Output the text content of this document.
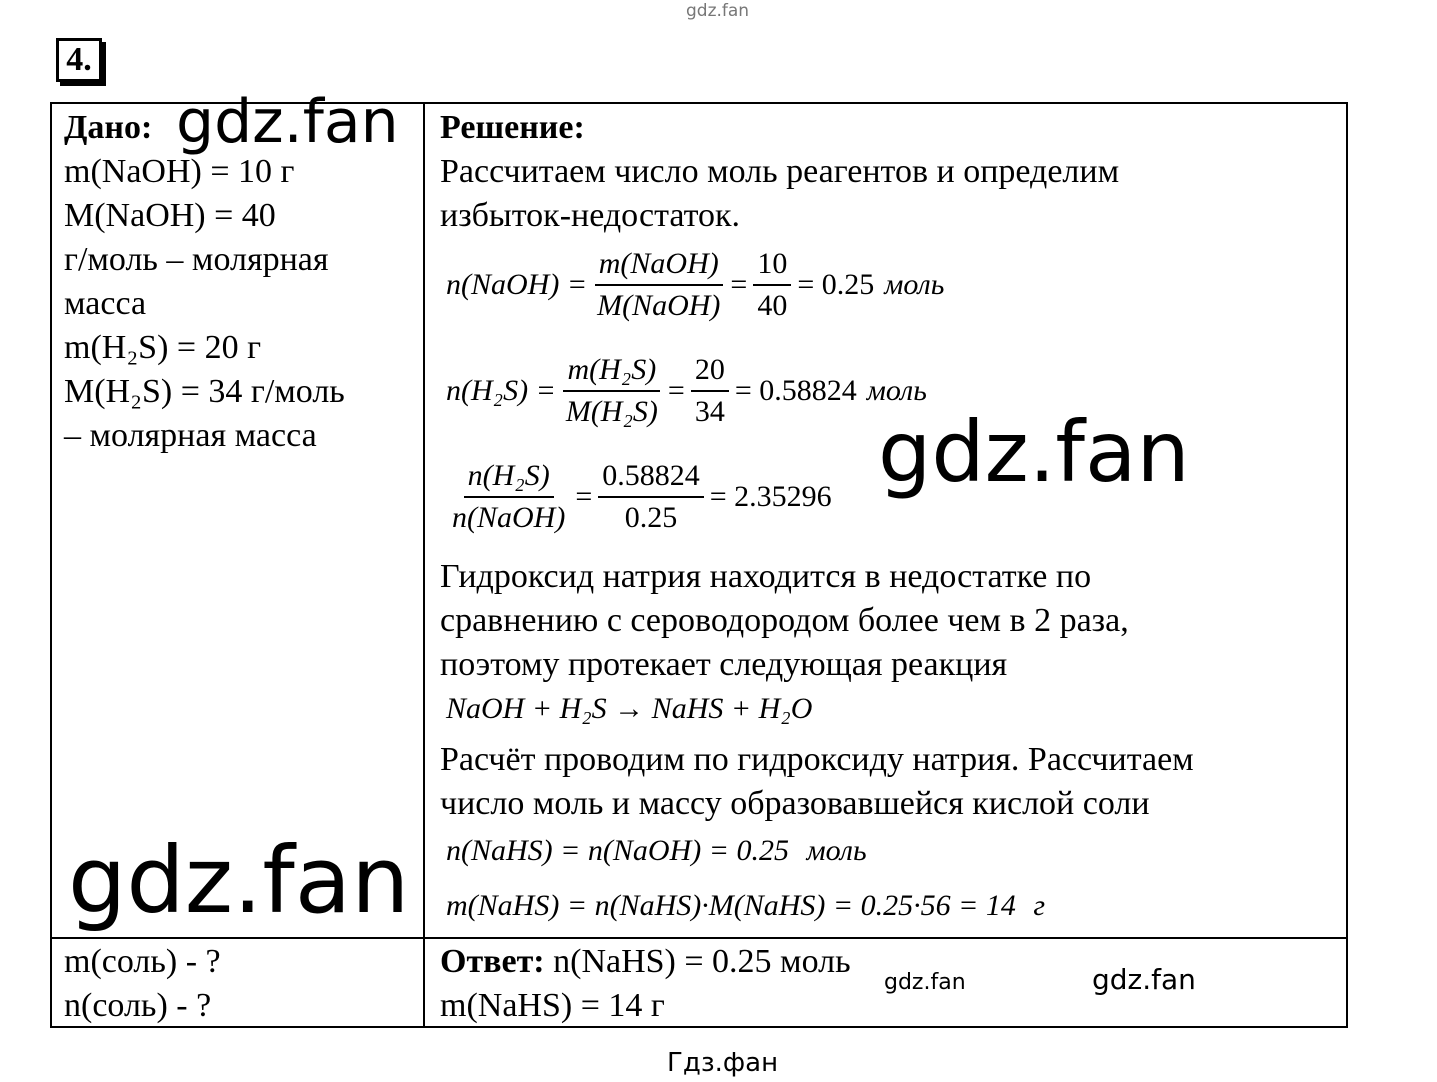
gdz.fan
4.
Дано:
m(NaOH) = 10 г
M(NaOH) = 40
г/моль – молярная
масса
m(H₂S) = 20 г
M(H₂S) = 34 г/моль
– молярная масса
gdz.fan
gdz.fan
m(соль) - ?
n(соль) - ?
Решение:
Рассчитаем число моль реагентов и определим
избыток-недостаток.
n(NaOH) = $\frac{\text{m(NaOH)}}{\text{M(NaOH)}} = \frac{10}{40} = 0.25$ моль
$n(H_2S) = \frac{\text{m(H₂S)}}{\text{M(H₂S)}} = \frac{20}{34} = 0.58824$ моль
$\frac{\text{n(H₂S)}}{\text{n(NaOH)}} = \frac{0.58824}{0.25} = 2.35296$ gdz.fan
Гидроксид натрия находится в недостатке по
сравнению с сероводородом более чем в 2 раза,
поэтому протекает следующая реакция
NaOH + H₂S → NaHS + H₂O
Расчёт проводим по гидроксиду натрия. Рассчитаем
число моль и массу образовавшейся кислой соли
n(NaHS) = n(NaOH) = 0.25 моль
m(NaHS) = n(NaHS)·M(NaHS) = 0.25·56 = 14 г
Ответ: n(NaHS) = 0.25 моль
m(NaHS) = 14 г
gdz.fan	gdz.fan
Гдз.фан
